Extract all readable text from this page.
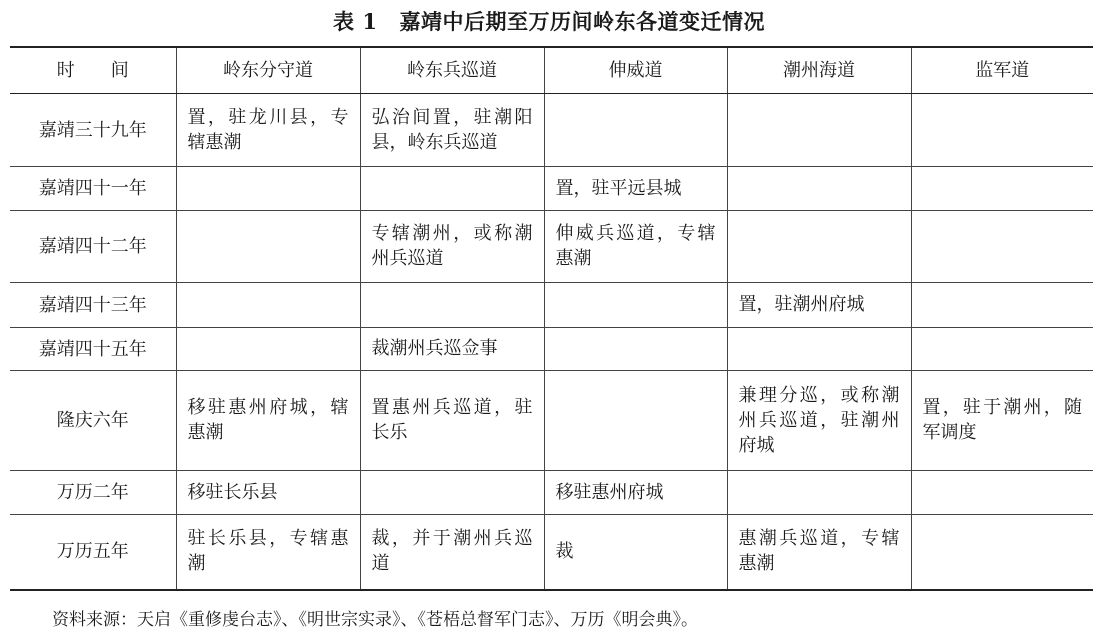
表 1 嘉靖中后期至万历间岭东各道变迁情况
时　　间	岭东分守道	岭东兵巡道	伸威道	潮州海道	监军道
嘉靖三十九年	置，驻龙川县，专辖惠潮	弘治间置，驻潮阳县，岭东兵巡道			
嘉靖四十一年			置，驻平远县城		
嘉靖四十二年		专辖潮州，或称潮州兵巡道	伸威兵巡道，专辖惠潮		
嘉靖四十三年				置，驻潮州府城	
嘉靖四十五年		裁潮州兵巡佥事			
隆庆六年	移驻惠州府城，辖惠潮	置惠州兵巡道，驻长乐		兼理分巡，或称潮州兵巡道，驻潮州府城	置，驻于潮州，随军调度
万历二年	移驻长乐县		移驻惠州府城		
万历五年	驻长乐县，专辖惠潮	裁，并于潮州兵巡道	裁	惠潮兵巡道，专辖惠潮	
资料来源：天启《重修虔台志》、《明世宗实录》、《苍梧总督军门志》、万历《明会典》。
